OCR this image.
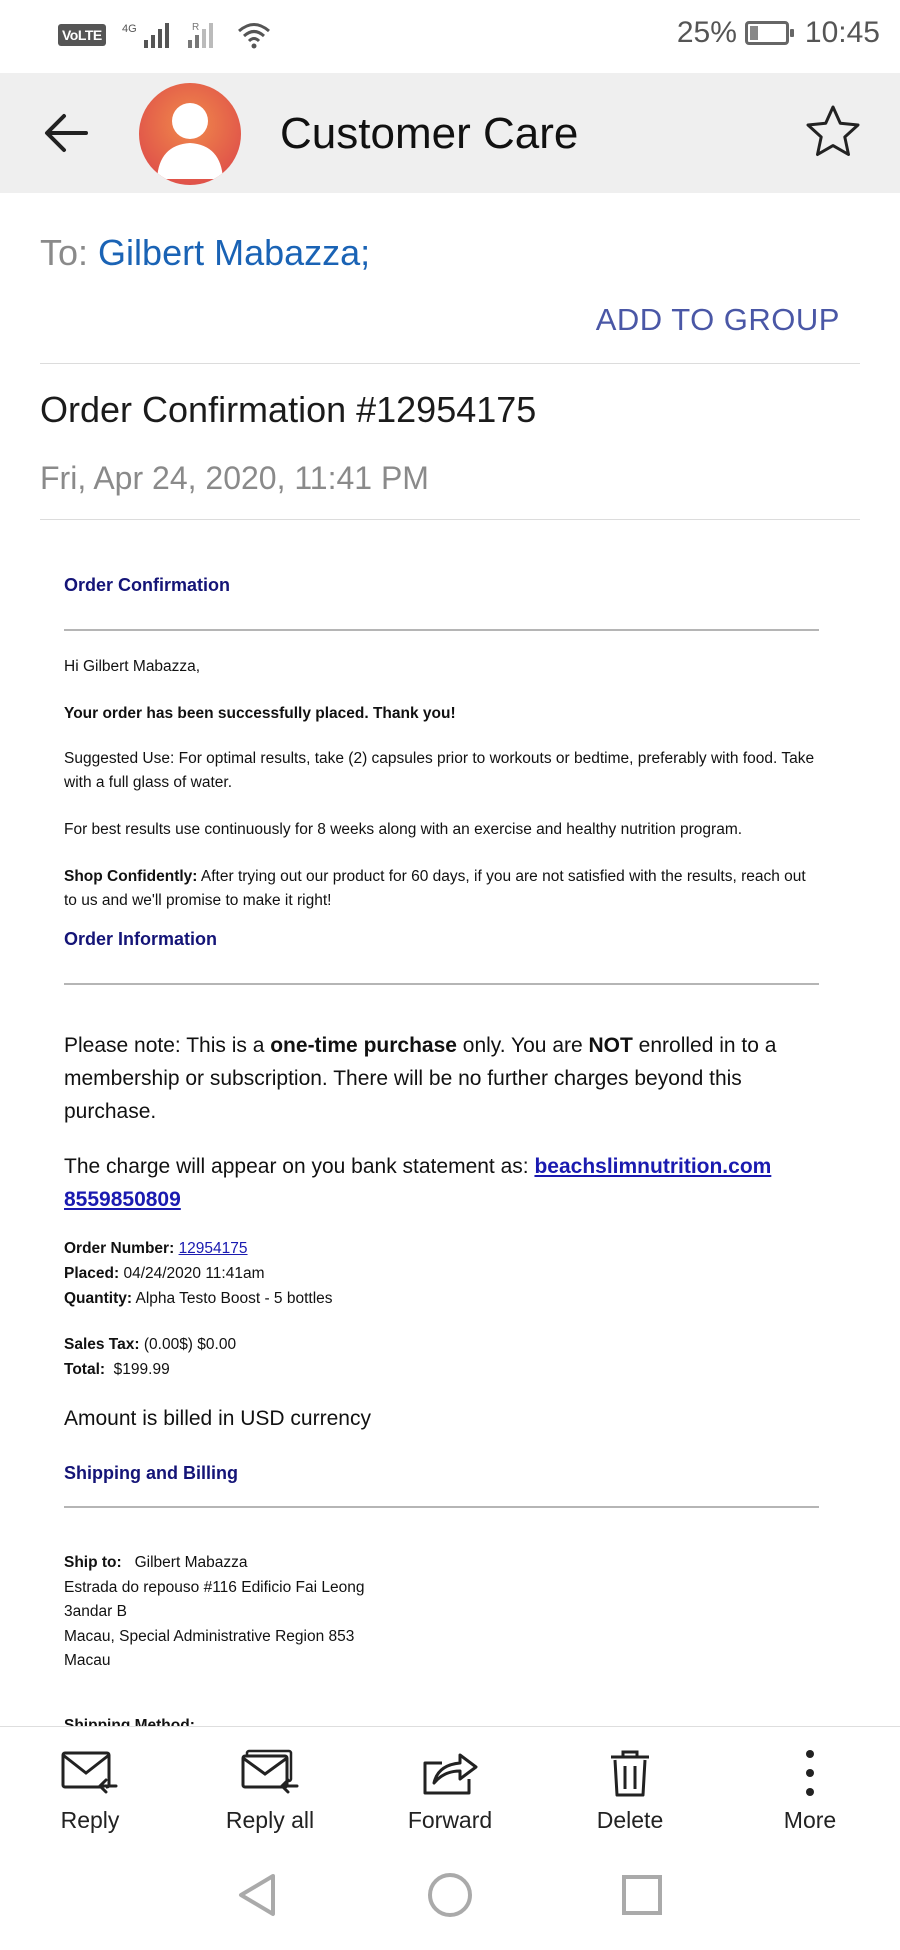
VoLTE	4G	R	25% 10:45
Customer Care
To: Gilbert Mabazza;
ADD TO GROUP
Order Confirmation #12954175
Fri, Apr 24, 2020, 11:41 PM
Order Confirmation
Hi Gilbert Mabazza,
Your order has been successfully placed. Thank you!
Suggested Use: For optimal results, take (2) capsules prior to workouts or bedtime, preferably with food. Take with a full glass of water.
For best results use continuously for 8 weeks along with an exercise and healthy nutrition program.
Shop Confidently: After trying out our product for 60 days, if you are not satisfied with the results, reach out to us and we'll promise to make it right!
Order Information
Please note: This is a one-time purchase only. You are NOT enrolled in to a membership or subscription. There will be no further charges beyond this purchase.
The charge will appear on you bank statement as: beachslimnutrition.com 8559850809
Order Number: 12954175
Placed: 04/24/2020 11:41am
Quantity: Alpha Testo Boost - 5 bottles
Sales Tax: (0.00$) $0.00
Total: $199.99
Amount is billed in USD currency
Shipping and Billing
Ship to: Gilbert Mabazza
Estrada do repouso #116 Edificio Fai Leong
3andar B
Macau, Special Administrative Region 853
Macau
Reply	Reply all	Forward	Delete	More
